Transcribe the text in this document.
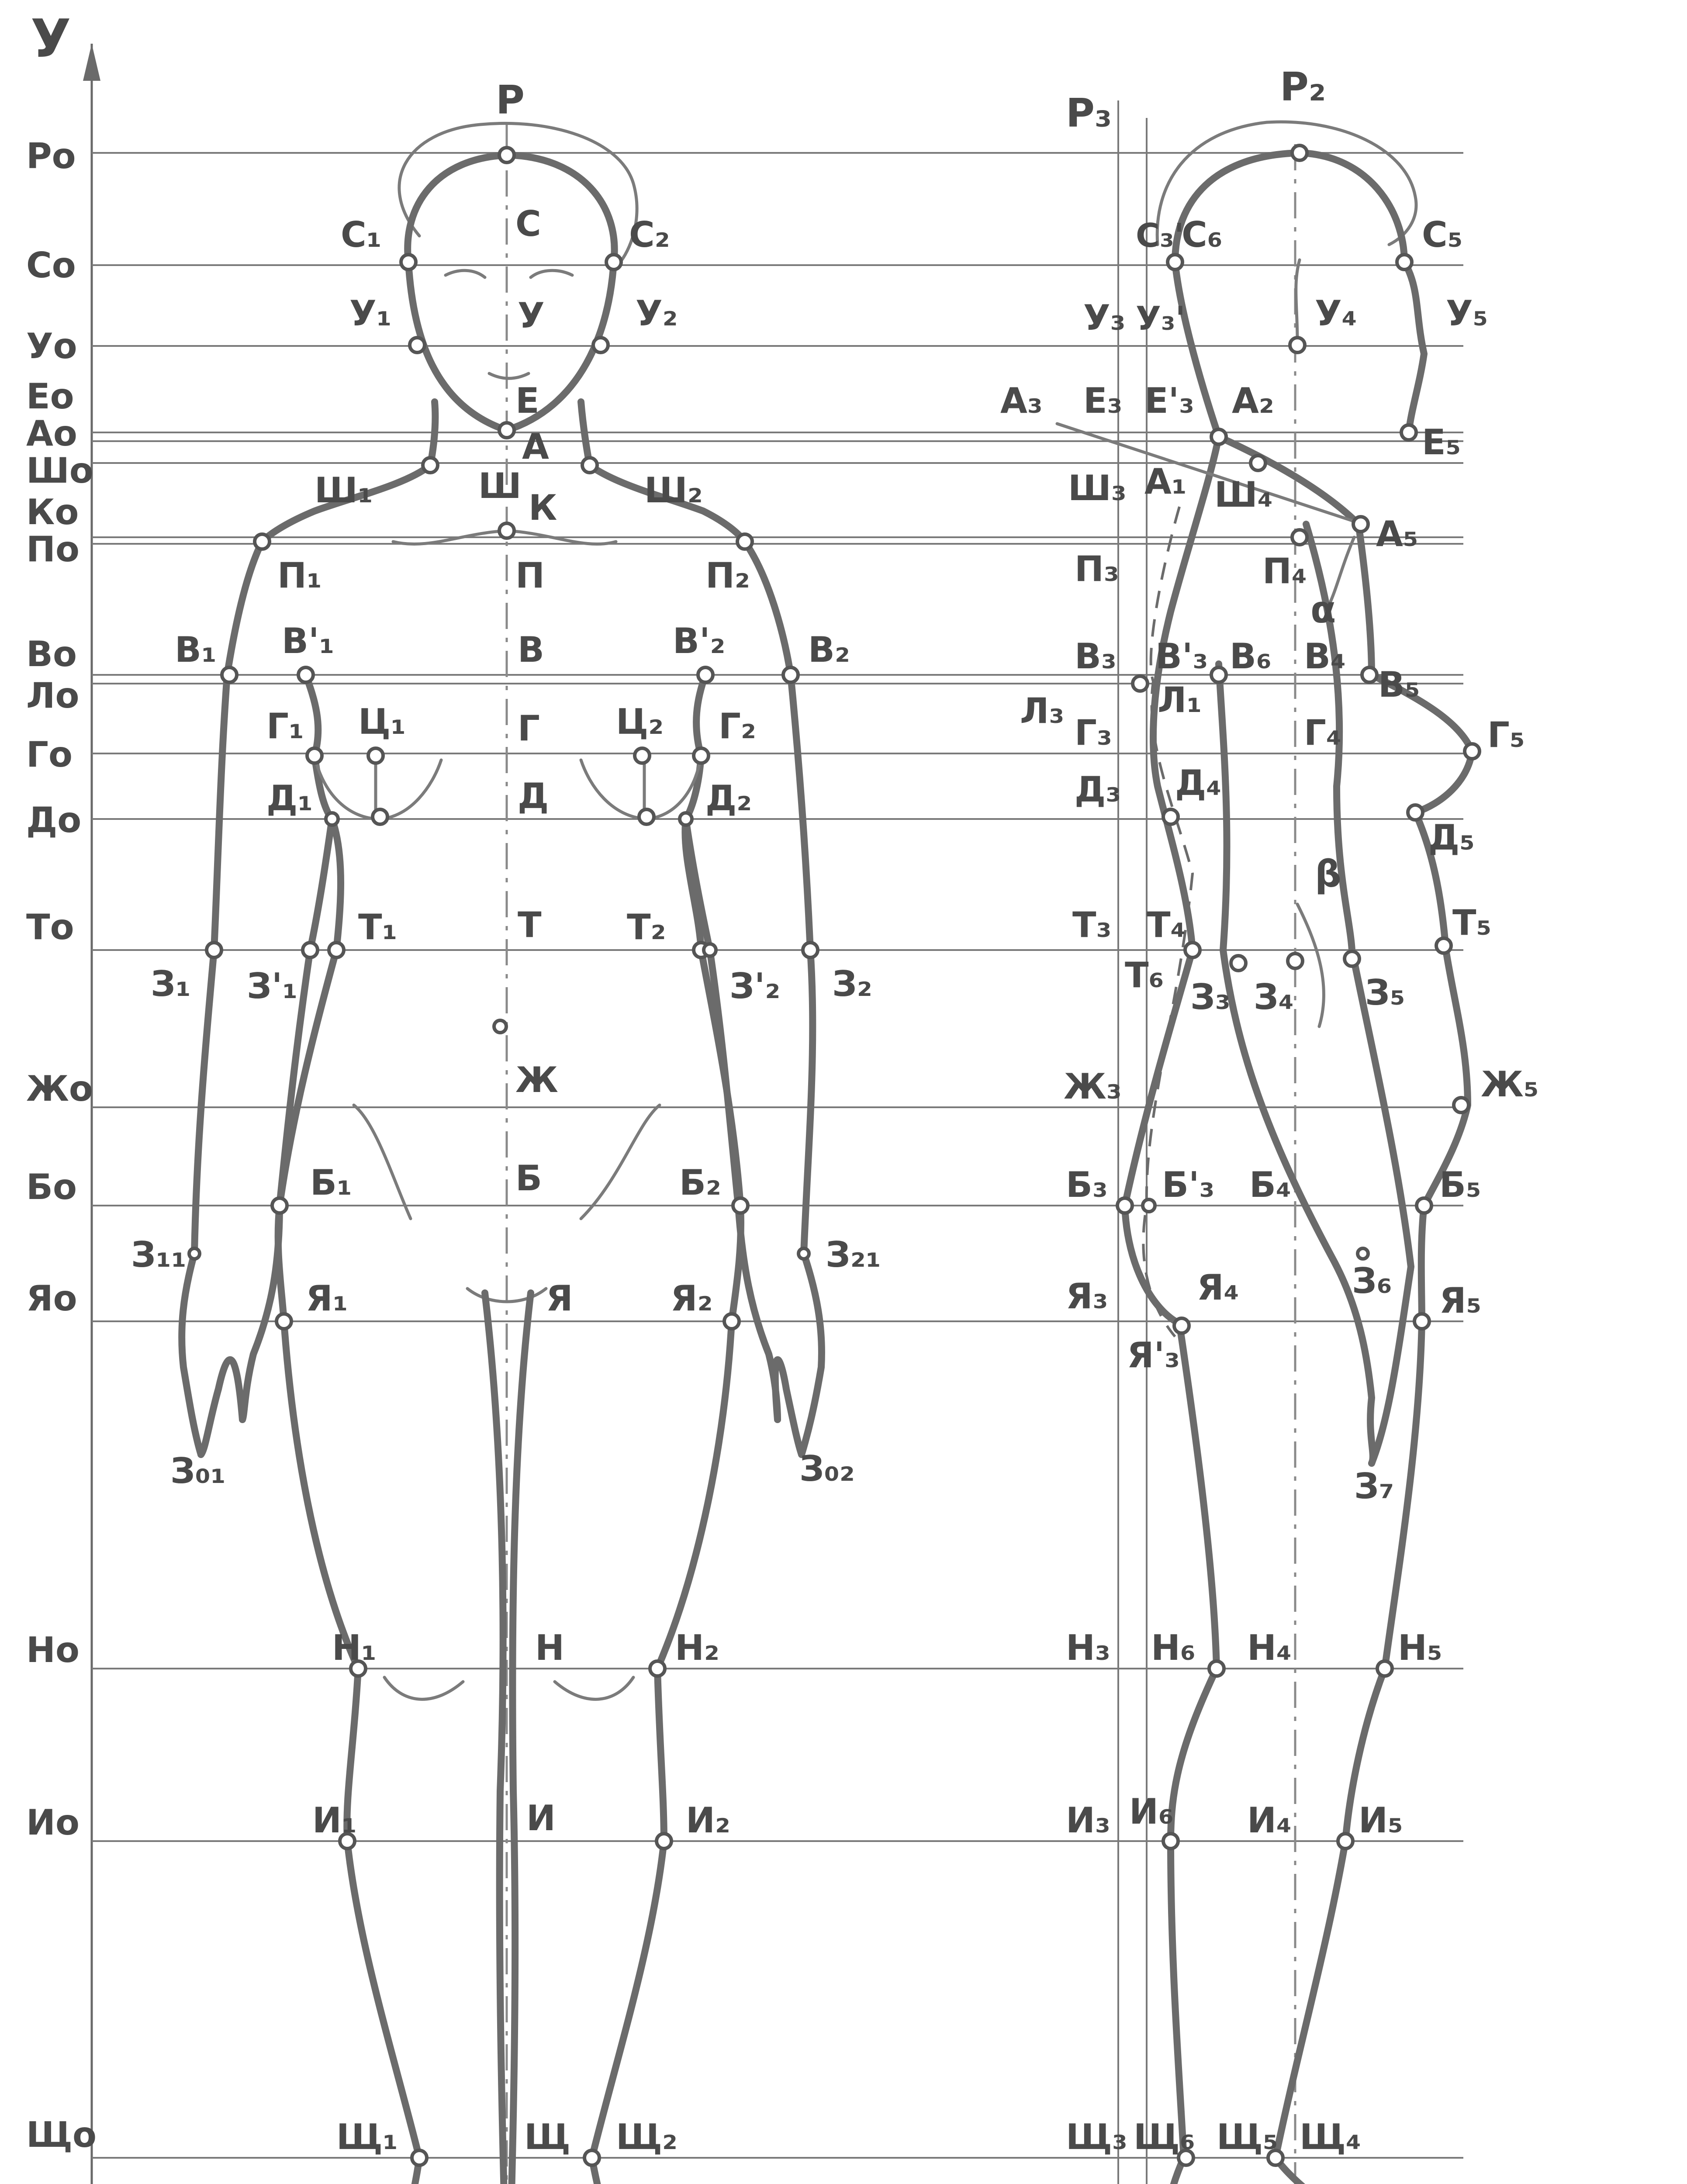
У
Ро
Со
Уо
Ео
Ао
Шо
Ко
По
Во
Ло
Го
До
То
Жо
Бо
Яо
Но
Ио
Що
Р
С
С₁	С₂
У
У₁	У₂
Е
А
Ш
Ш₁	Ш₂
К
П
П₁	П₂
В
В₁	В₂
В'₁	В'₂
Г
Г₁	Г₂
Ц₁	Ц₂
Д
Д₁	Д₂
Т
Т₁	Т₂
З₁	З₂
З'₁	З'₂
Ж
Б
Б₁	Б₂
З₁₁	З₂₁
Я
Я₁	Я₂
З₀₁	З₀₂
Н
Н₁	Н₂
И
И₁	И₂
Щ
Щ₁	Щ₂
Р₂
Р₃
С₃'
С₆	С₅
У₃ У₃'	У₄	У₅
А₃ Е₃ Е'₃ А₂
Е₅
Ш₃ А₁ Ш₄
А₅
П₃	П₄
α
В₃ В'₃ В₆ В₄
В₅
Л₃	Л₁
Г₃	Г₄	Г₅
Д₃ Д₄
Д₅
β
Т₃ Т₄
Т₆
З₃ З₄ З₅
Т₅
Ж₃	Ж₅
Б₃ Б'₃ Б₄	Б₅
Я₃	Я₄	З₆ Я₅
Я'₃
З₇
Н₃ Н₆ Н₄	Н₅
И₃ И₆ И₄ И₅
Щ₃ Щ₆ Щ₅ Щ₄
